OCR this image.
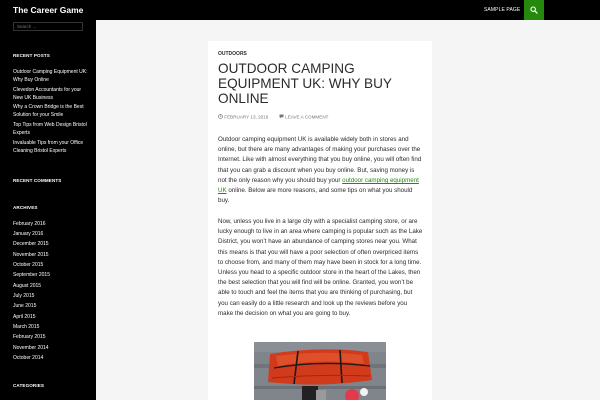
The Career Game	SAMPLE PAGE
Search ...
RECENT POSTS
Outdoor Camping Equipment UK: Why Buy Online
Clevedon Accountants for your New UK Business
Why a Crown Bridge is the Best Solution for your Smile
Top Tips from Web Design Bristol Experts
Invaluable Tips from your Office Cleaning Bristol Experts
RECENT COMMENTS
ARCHIVES
February 2016
January 2016
December 2015
November 2015
October 2015
September 2015
August 2015
July 2015
June 2015
April 2015
March 2015
February 2015
November 2014
October 2014
CATEGORIES
OUTDOORS
OUTDOOR CAMPING EQUIPMENT UK: WHY BUY ONLINE
FEBRUARY 13, 2016	LEAVE A COMMENT

Outdoor camping equipment UK is available widely both in stores and online, but there are many advantages of making your purchases over the Internet. Like with almost everything that you buy online, you will often find that you can grab a discount when you buy online. But, saving money is not the only reason why you should buy your outdoor camping equipment UK online. Below are more reasons, and some tips on what you should buy.

Now, unless you live in a large city with a specialist camping store, or are lucky enough to live in an area where camping is popular such as the Lake District, you won’t have an abundance of camping stores near you. What this means is that you will have a poor selection of often overpriced items to choose from, and many of them may have been in stock for a long time. Unless you head to a specific outdoor store in the heart of the Lakes, then the best selection that you will find will be online. Granted, you won’t be able to touch and feel the items that you are thinking of purchasing, but you can easily do a little research and look up the reviews before you make the decision on what you are going to buy.
